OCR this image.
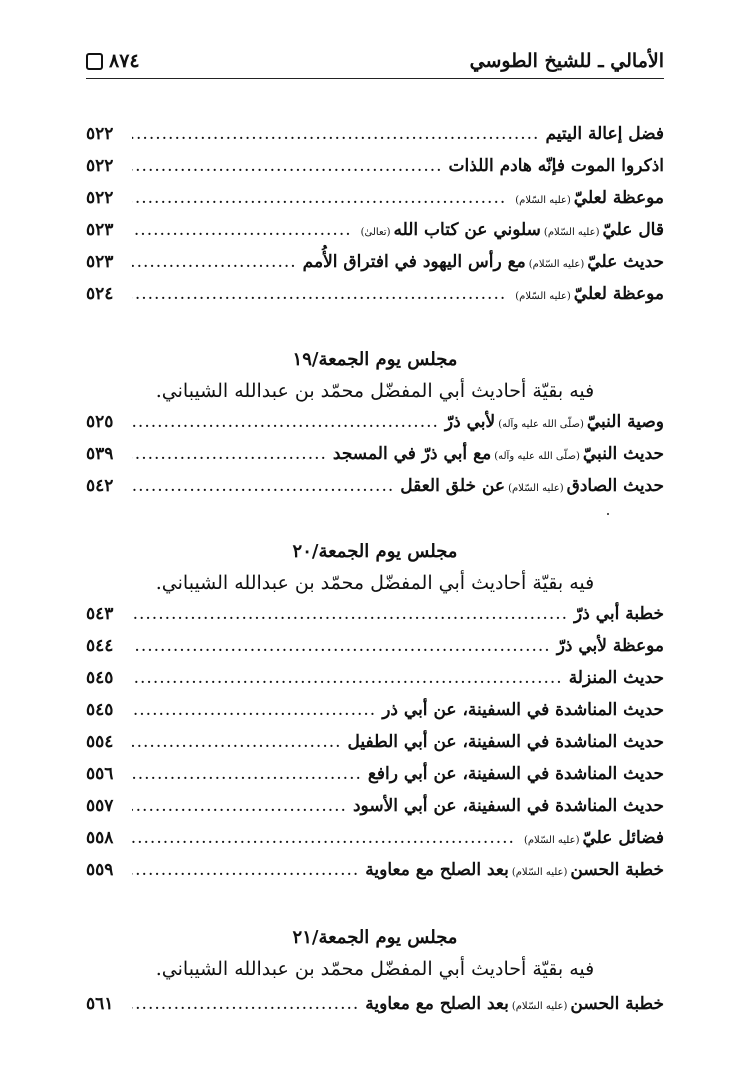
٨٧٤	الأمالي ـ للشيخ الطوسي
فضل إعالة اليتيم
.....
٥٢٢
اذكروا الموت فإنّه هادم اللذات
.....
٥٢٢
موعظة لعليّ
(عليه السّلام)
.....
٥٢٢
قال عليّ
(عليه السّلام)
سلوني عن كتاب الله
(تعالىٰ)
.....
٥٢٣
حديث عليّ
(عليه السّلام)
مع رأس اليهود في افتراق الأُمم
.....
٥٢٣
موعظة لعليّ
(عليه السّلام)
.....
٥٢٤
مجلس يوم الجمعة/١٩
فيه بقيّة أحاديث أبي المفضّل محمّد بن عبدالله الشيباني.
وصية النبيّ
(صلّى الله عليه وآله)
لأبي ذرّ
.....
٥٢٥
حديث النبيّ
(صلّى الله عليه وآله)
مع أبي ذرّ في المسجد
.....
٥٣٩
حديث الصادق
(عليه السّلام)
عن خلق العقل
.....
٥٤٢
مجلس يوم الجمعة/٢٠
فيه بقيّة أحاديث أبي المفضّل محمّد بن عبدالله الشيباني.
خطبة أبي ذرّ
.....
٥٤٣
موعظة لأبي ذرّ
.....
٥٤٤
حديث المنزلة
.....
٥٤٥
حديث المناشدة في السفينة، عن أبي ذر
.....
٥٤٥
حديث المناشدة في السفينة، عن أبي الطفيل
.....
٥٥٤
حديث المناشدة في السفينة، عن أبي رافع
.....
٥٥٦
حديث المناشدة في السفينة، عن أبي الأسود
.....
٥٥٧
فضائل عليّ
(عليه السّلام)
.....
٥٥٨
خطبة الحسن
(عليه السّلام)
بعد الصلح مع معاوية
.....
٥٥٩
مجلس يوم الجمعة/٢١
فيه بقيّة أحاديث أبي المفضّل محمّد بن عبدالله الشيباني.
خطبة الحسن
(عليه السّلام)
بعد الصلح مع معاوية
.....
٥٦١
